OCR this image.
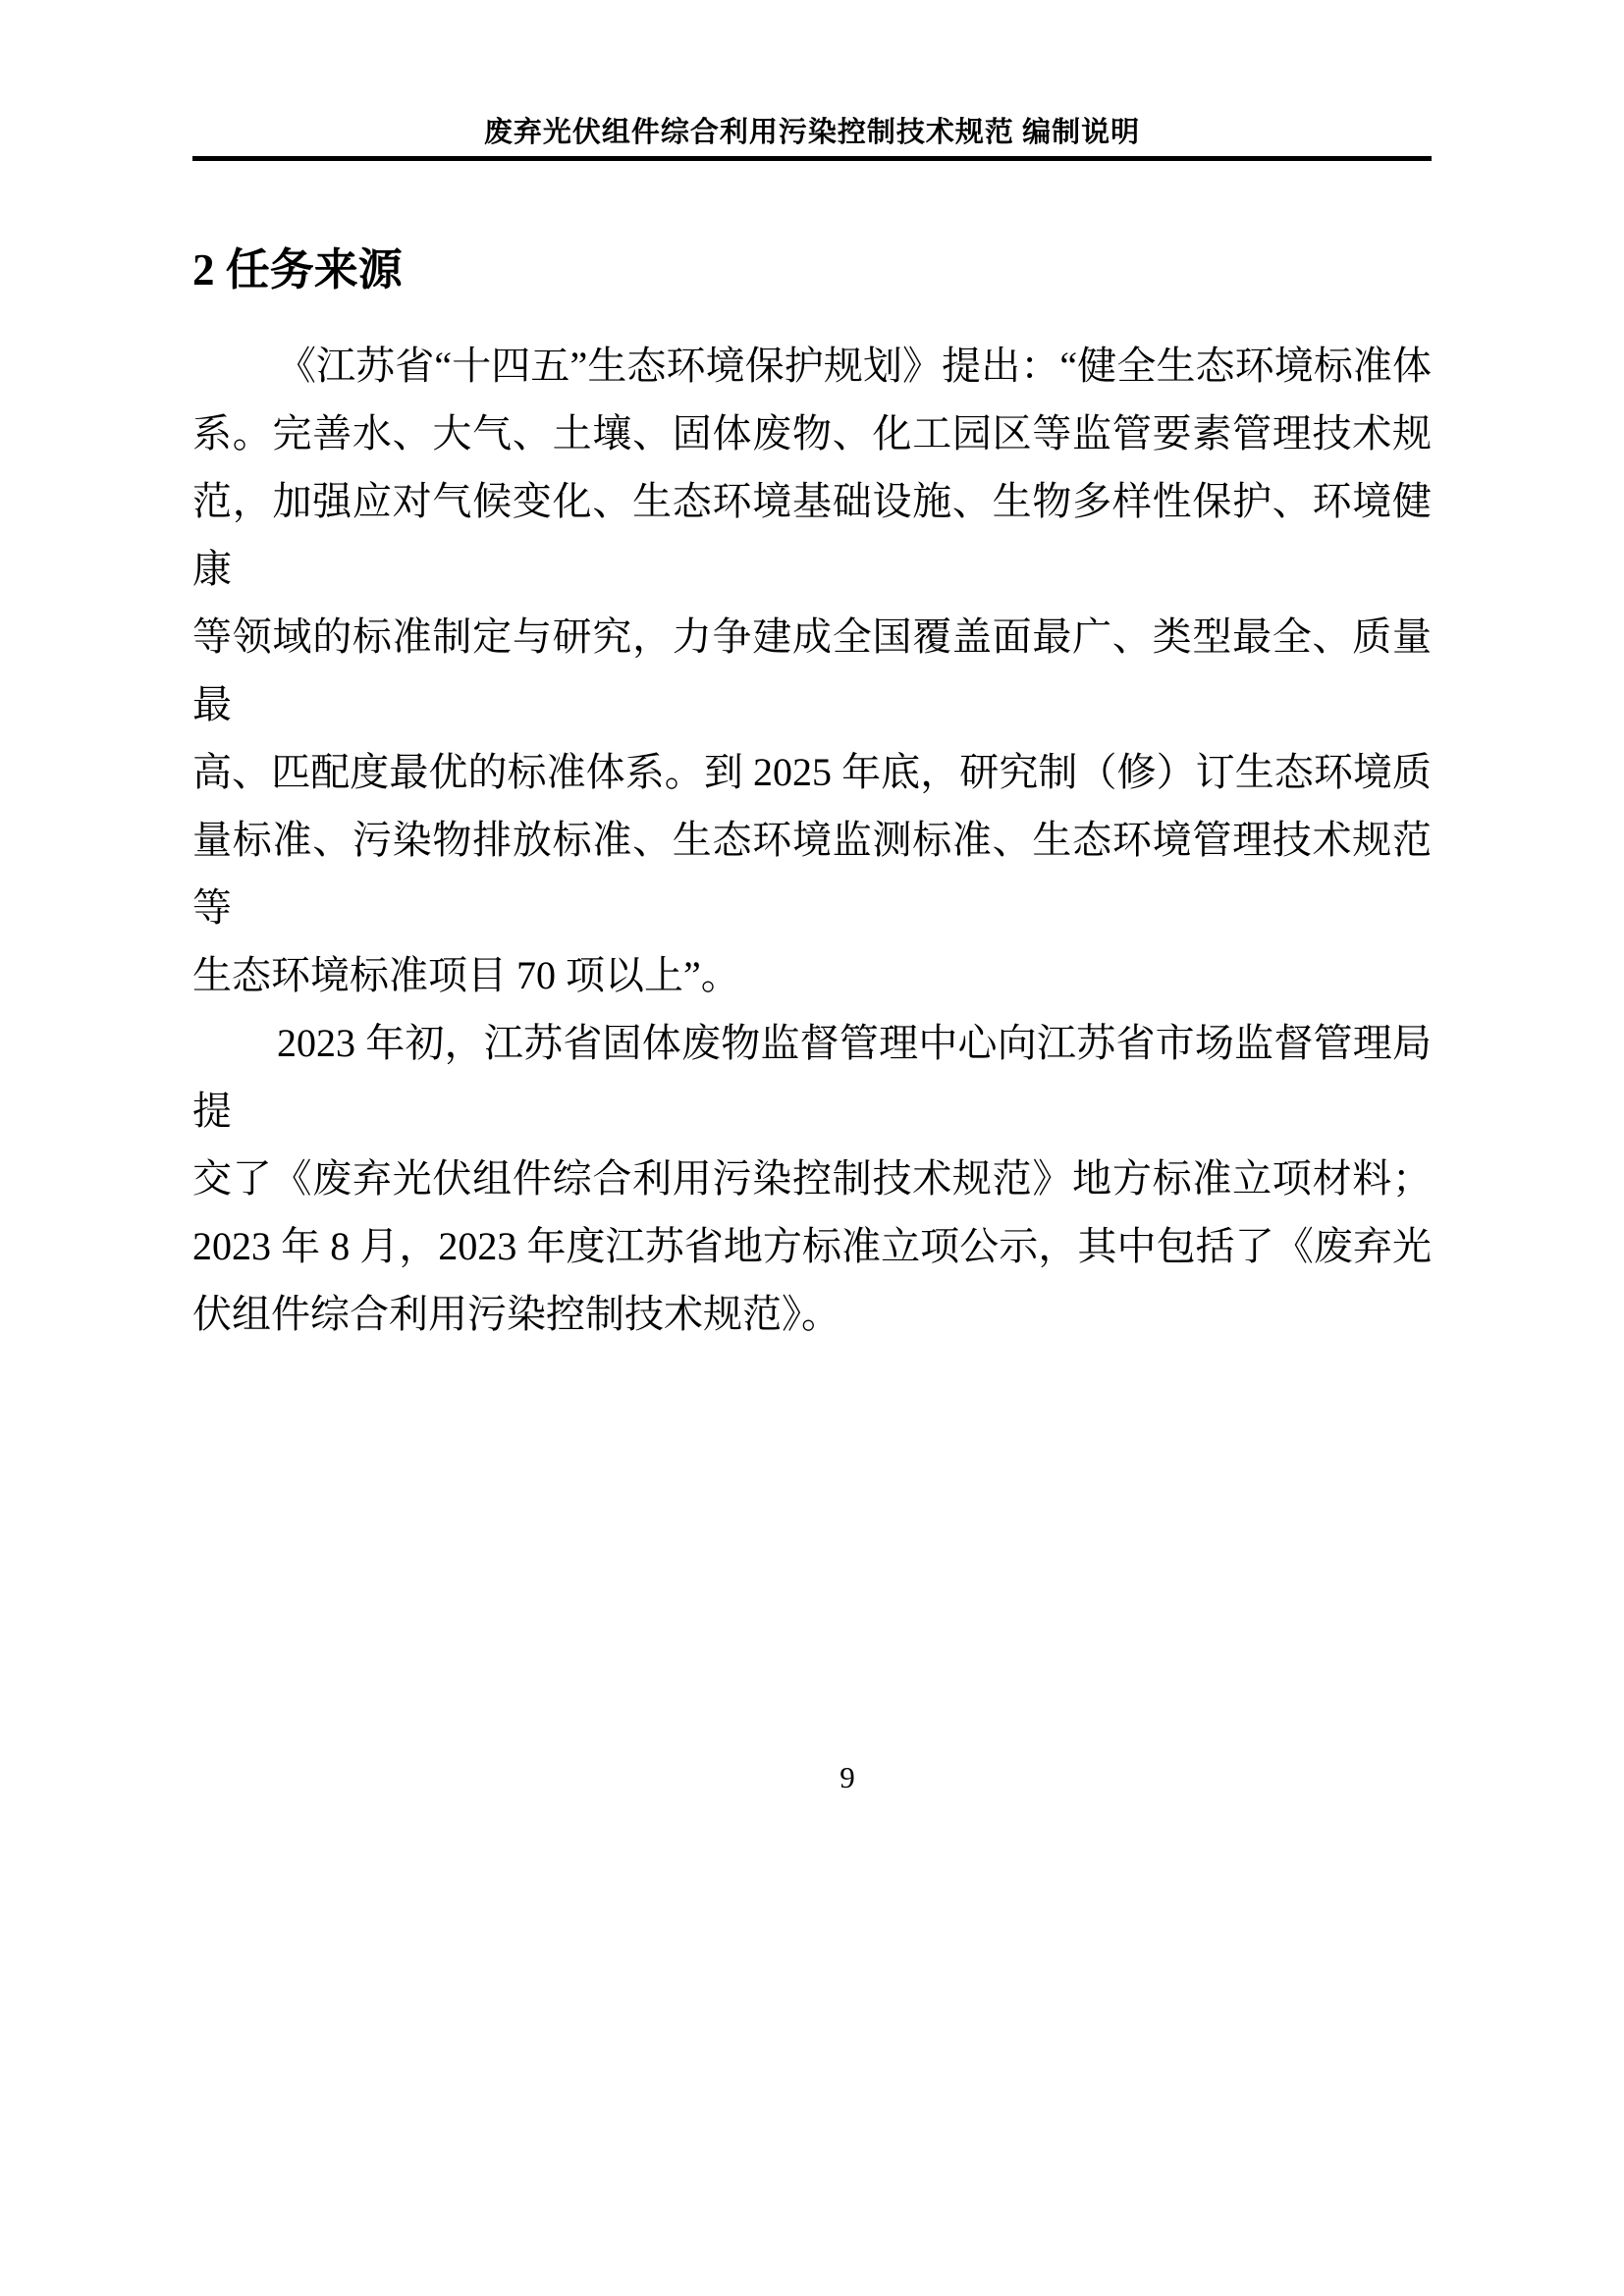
废弃光伏组件综合利用污染控制技术规范 编制说明
2 任务来源
《江苏省“十四五”生态环境保护规划》提出：“健全生态环境标准体
系。完善水、大气、土壤、固体废物、化工园区等监管要素管理技术规
范，加强应对气候变化、生态环境基础设施、生物多样性保护、环境健康
等领域的标准制定与研究，力争建成全国覆盖面最广、类型最全、质量最
高、匹配度最优的标准体系。到 2025 年底，研究制（修）订生态环境质
量标准、污染物排放标准、生态环境监测标准、生态环境管理技术规范等
生态环境标准项目 70 项以上”。
2023 年初，江苏省固体废物监督管理中心向江苏省市场监督管理局提
交了《废弃光伏组件综合利用污染控制技术规范》地方标准立项材料；
2023 年 8 月，2023 年度江苏省地方标准立项公示，其中包括了《废弃光
伏组件综合利用污染控制技术规范》。
9
